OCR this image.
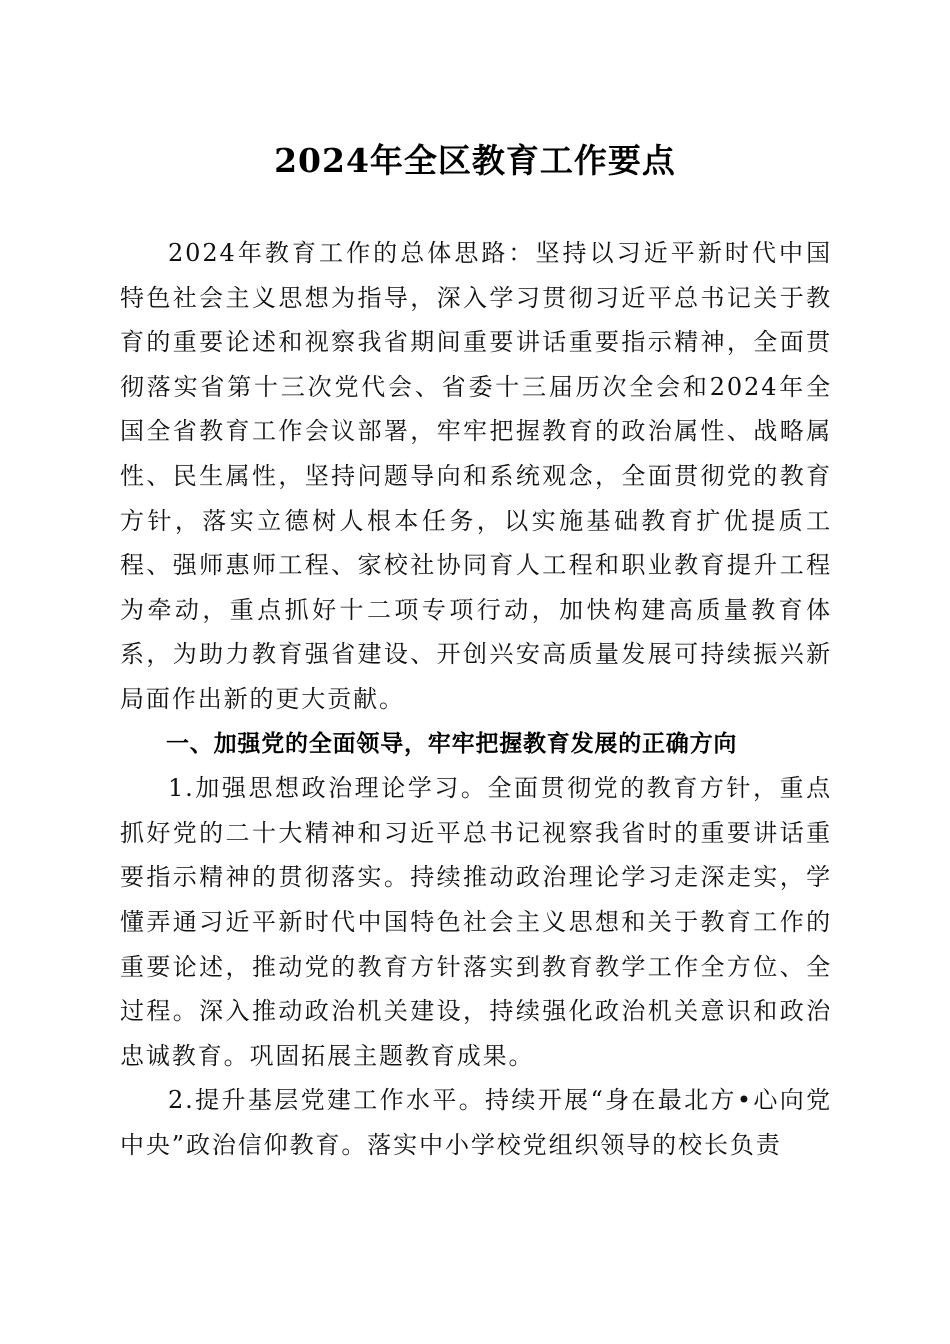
2024年全区教育工作要点

2024年教育工作的总体思路：坚持以习近平新时代中国特色社会主义思想为指导，深入学习贯彻习近平总书记关于教育的重要论述和视察我省期间重要讲话重要指示精神，全面贯彻落实省第十三次党代会、省委十三届历次全会和2024年全国全省教育工作会议部署，牢牢把握教育的政治属性、战略属性、民生属性，坚持问题导向和系统观念，全面贯彻党的教育方针，落实立德树人根本任务，以实施基础教育扩优提质工程、强师惠师工程、家校社协同育人工程和职业教育提升工程为牵动，重点抓好十二项专项行动，加快构建高质量教育体系，为助力教育强省建设、开创兴安高质量发展可持续振兴新局面作出新的更大贡献。

一、加强党的全面领导，牢牢把握教育发展的正确方向

1.加强思想政治理论学习。全面贯彻党的教育方针，重点抓好党的二十大精神和习近平总书记视察我省时的重要讲话重要指示精神的贯彻落实。持续推动政治理论学习走深走实，学懂弄通习近平新时代中国特色社会主义思想和关于教育工作的重要论述，推动党的教育方针落实到教育教学工作全方位、全过程。深入推动政治机关建设，持续强化政治机关意识和政治忠诚教育。巩固拓展主题教育成果。

2.提升基层党建工作水平。持续开展“身在最北方•心向党中央”政治信仰教育。落实中小学校党组织领导的校长负责
